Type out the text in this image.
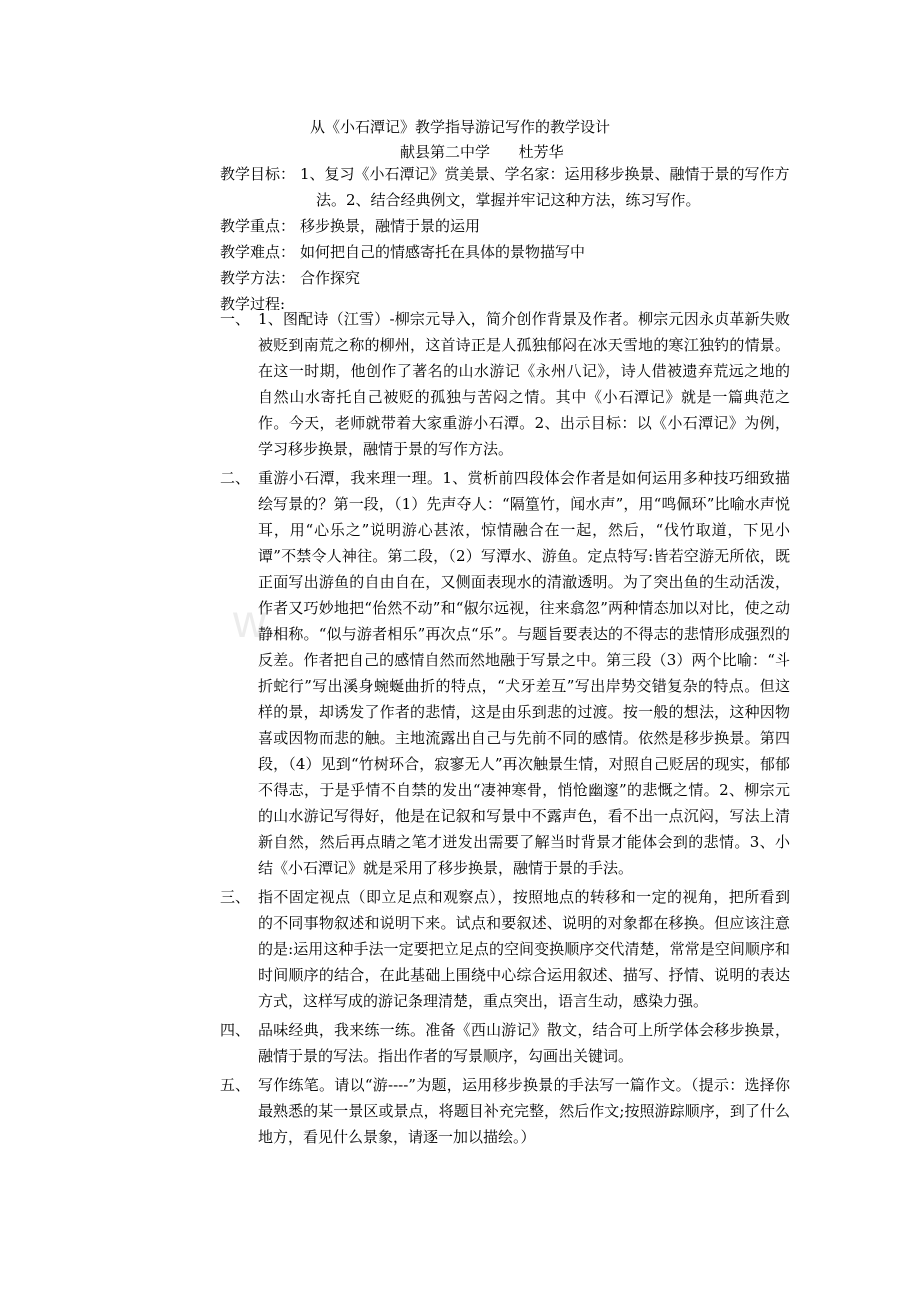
w
从《小石潭记》教学指导游记写作的教学设计
献县第二中学      杜芳华
教学目标： 1、复习《小石潭记》赏美景、学名家：运用移步换景、融情于景的写作方法。2、结合经典例文，掌握并牢记这种方法，练习写作。
教学重点： 移步换景，融情于景的运用
教学难点： 如何把自己的情感寄托在具体的景物描写中
教学方法： 合作探究
教学过程:
一、 1、图配诗（江雪）-柳宗元导入，简介创作背景及作者。柳宗元因永贞革新失败被贬到南荒之称的柳州，这首诗正是人孤独郁闷在冰天雪地的寒江独钓的情景。在这一时期，他创作了著名的山水游记《永州八记》，诗人借被遗弃荒远之地的自然山水寄托自己被贬的孤独与苦闷之情。其中《小石潭记》就是一篇典范之作。今天，老师就带着大家重游小石潭。2、出示目标：以《小石潭记》为例，学习移步换景，融情于景的写作方法。
二、 重游小石潭，我来理一理。1、赏析前四段体会作者是如何运用多种技巧细致描绘写景的？第一段，（1）先声夺人：“隔篁竹，闻水声”，用“鸣佩环”比喻水声悦耳，用“心乐之”说明游心甚浓，惊情融合在一起，然后，“伐竹取道，下见小谭”不禁令人神往。第二段，（2）写潭水、游鱼。定点特写:皆若空游无所依，既正面写出游鱼的自由自在，又侧面表现水的清澈透明。为了突出鱼的生动活泼，作者又巧妙地把“佁然不动”和“俶尔远视，往来翕忽”两种情态加以对比，使之动静相称。“似与游者相乐”再次点“乐”。与题旨要表达的不得志的悲情形成强烈的反差。作者把自己的感情自然而然地融于写景之中。第三段（3）两个比喻：“斗折蛇行”写出溪身蜿蜒曲折的特点，“犬牙差互”写出岸势交错复杂的特点。但这样的景，却诱发了作者的悲情，这是由乐到悲的过渡。按一般的想法，这种因物喜或因物而悲的触。主地流露出自己与先前不同的感情。依然是移步换景。第四段，（4）见到“竹树环合，寂寥无人”再次触景生情，对照自己贬居的现实，郁郁不得志，于是乎情不自禁的发出“凄神寒骨，悄怆幽邃”的悲慨之情。2、柳宗元的山水游记写得好，他是在记叙和写景中不露声色，看不出一点沉闷，写法上清新自然，然后再点睛之笔才迸发出需要了解当时背景才能体会到的悲情。3、小结《小石潭记》就是采用了移步换景，融情于景的手法。
三、 指不固定视点（即立足点和观察点），按照地点的转移和一定的视角，把所看到的不同事物叙述和说明下来。试点和要叙述、说明的对象都在移换。但应该注意的是:运用这种手法一定要把立足点的空间变换顺序交代清楚，常常是空间顺序和时间顺序的结合，在此基础上围绕中心综合运用叙述、描写、抒情、说明的表达方式，这样写成的游记条理清楚，重点突出，语言生动，感染力强。
四、 品味经典，我来练一练。准备《西山游记》散文，结合可上所学体会移步换景，融情于景的写法。指出作者的写景顺序，勾画出关键词。
五、 写作练笔。请以“游----”为题，运用移步换景的手法写一篇作文。（提示：选择你最熟悉的某一景区或景点，将题目补充完整，然后作文;按照游踪顺序，到了什么地方，看见什么景象，请逐一加以描绘。）
